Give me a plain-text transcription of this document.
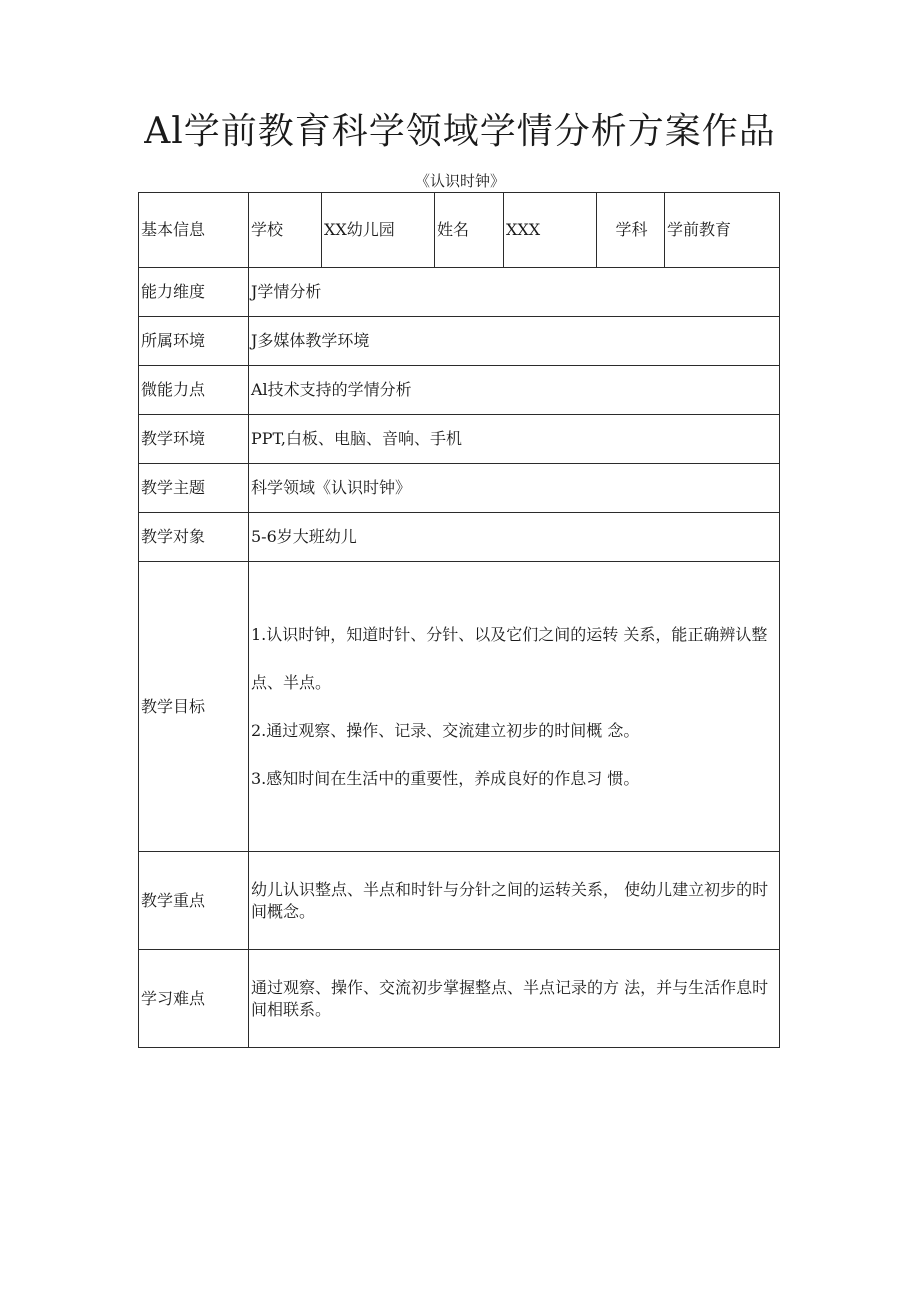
Al学前教育科学领域学情分析方案作品
《认识时钟》
基本信息	学校	XX幼儿园	姓名	XXX	学科	学前教育
能力维度	J学情分析					
所属环境	J多媒体教学环境					
微能力点	Al技术支持的学情分析					
教学环境	PPT,白板、电脑、音响、手机					
教学主题	科学领域《认识时钟》					
教学对象	5-6岁大班幼儿					
教学目标	1.认识时钟，知道时针、分针、以及它们之间的运转 关系，能正确辨认整点、半点。

2.通过观察、操作、记录、交流建立初步的时间概 念。

3.感知时间在生活中的重要性，养成良好的作息习 惯。					

教学重点	幼儿认识整点、半点和时针与分针之间的运转关系， 使幼儿建立初步的时间概念。					
学习难点	通过观察、操作、交流初步掌握整点、半点记录的方 法，并与生活作息时间相联系。					
